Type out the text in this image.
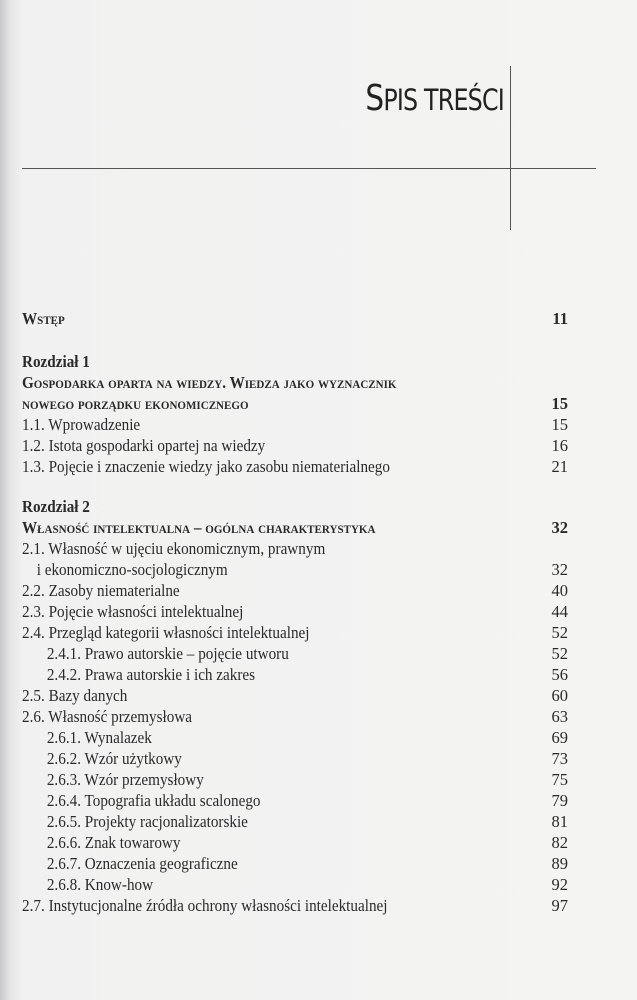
SPIS TREŚCI
Wstęp	11
Rozdział 1
Gospodarka oparta na wiedzy. Wiedza jako wyznacznik
nowego porządku ekonomicznego	15
1.1. Wprowadzenie	15
1.2. Istota gospodarki opartej na wiedzy	16
1.3. Pojęcie i znaczenie wiedzy jako zasobu niematerialnego	21
Rozdział 2
Własność intelektualna – ogólna charakterystyka	32
2.1. Własność w ujęciu ekonomicznym, prawnym
i ekonomiczno-socjologicznym	32
2.2. Zasoby niematerialne	40
2.3. Pojęcie własności intelektualnej	44
2.4. Przegląd kategorii własności intelektualnej	52
2.4.1. Prawo autorskie – pojęcie utworu	52
2.4.2. Prawa autorskie i ich zakres	56
2.5. Bazy danych	60
2.6. Własność przemysłowa	63
2.6.1. Wynalazek	69
2.6.2. Wzór użytkowy	73
2.6.3. Wzór przemysłowy	75
2.6.4. Topografia układu scalonego	79
2.6.5. Projekty racjonalizatorskie	81
2.6.6. Znak towarowy	82
2.6.7. Oznaczenia geograficzne	89
2.6.8. Know-how	92
2.7. Instytucjonalne źródła ochrony własności intelektualnej	97
